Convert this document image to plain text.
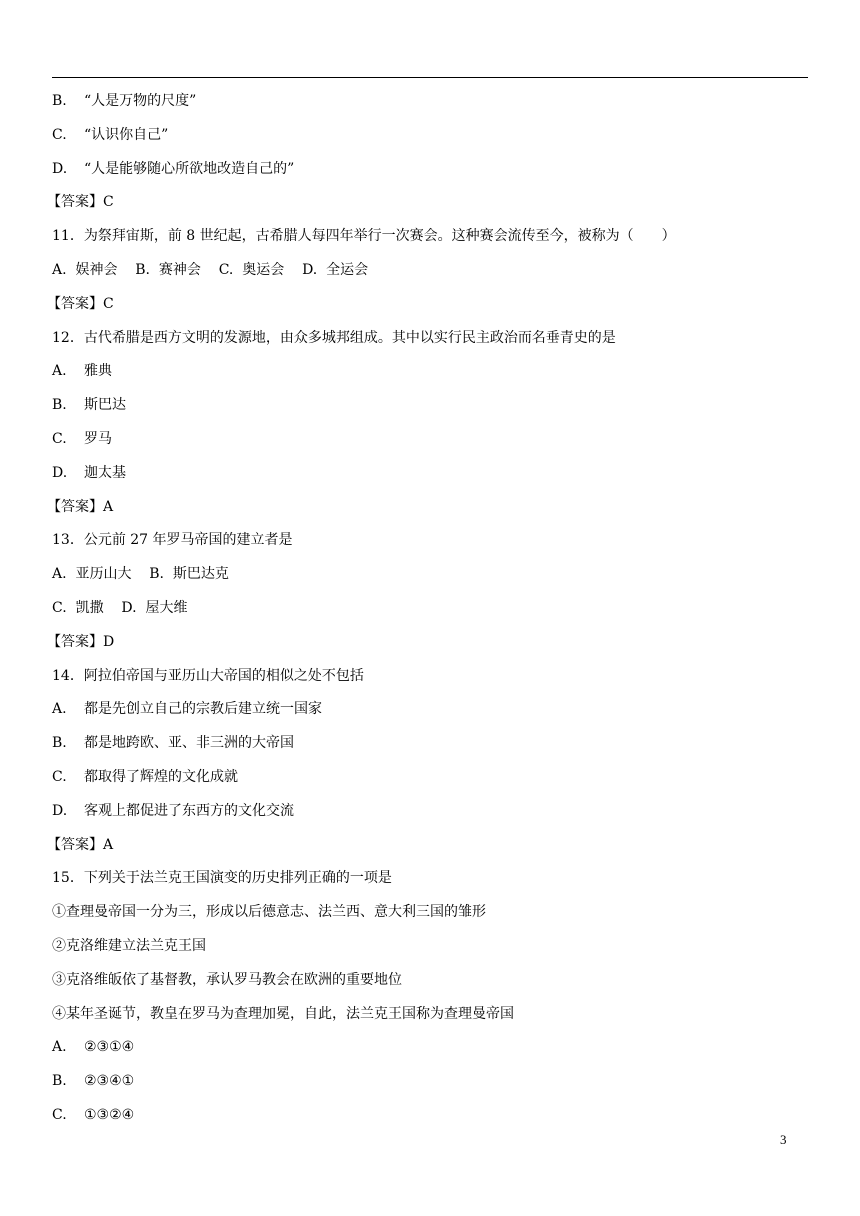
B. “人是万物的尺度”
C. “认识你自己”
D. “人是能够随心所欲地改造自己的”
【答案】C
11．为祭拜宙斯，前 8 世纪起，古希腊人每四年举行一次赛会。这种赛会流传至今，被称为（　　）
A.  娱神会    B.  赛神会    C.  奥运会    D.  全运会
【答案】C
12．古代希腊是西方文明的发源地，由众多城邦组成。其中以实行民主政治而名垂青史的是
A. 雅典
B. 斯巴达
C. 罗马
D. 迦太基
【答案】A
13．公元前 27 年罗马帝国的建立者是
A.  亚历山大    B.  斯巴达克
C.  凯撒    D.  屋大维
【答案】D
14．阿拉伯帝国与亚历山大帝国的相似之处不包括
A. 都是先创立自己的宗教后建立统一国家
B. 都是地跨欧、亚、非三洲的大帝国
C. 都取得了辉煌的文化成就
D. 客观上都促进了东西方的文化交流
【答案】A
15．下列关于法兰克王国演变的历史排列正确的一项是
①查理曼帝国一分为三，形成以后德意志、法兰西、意大利三国的雏形
②克洛维建立法兰克王国
③克洛维皈依了基督教，承认罗马教会在欧洲的重要地位
④某年圣诞节，教皇在罗马为查理加冕，自此，法兰克王国称为查理曼帝国
A. ②③①④
B. ②③④①
C. ①③②④
3
